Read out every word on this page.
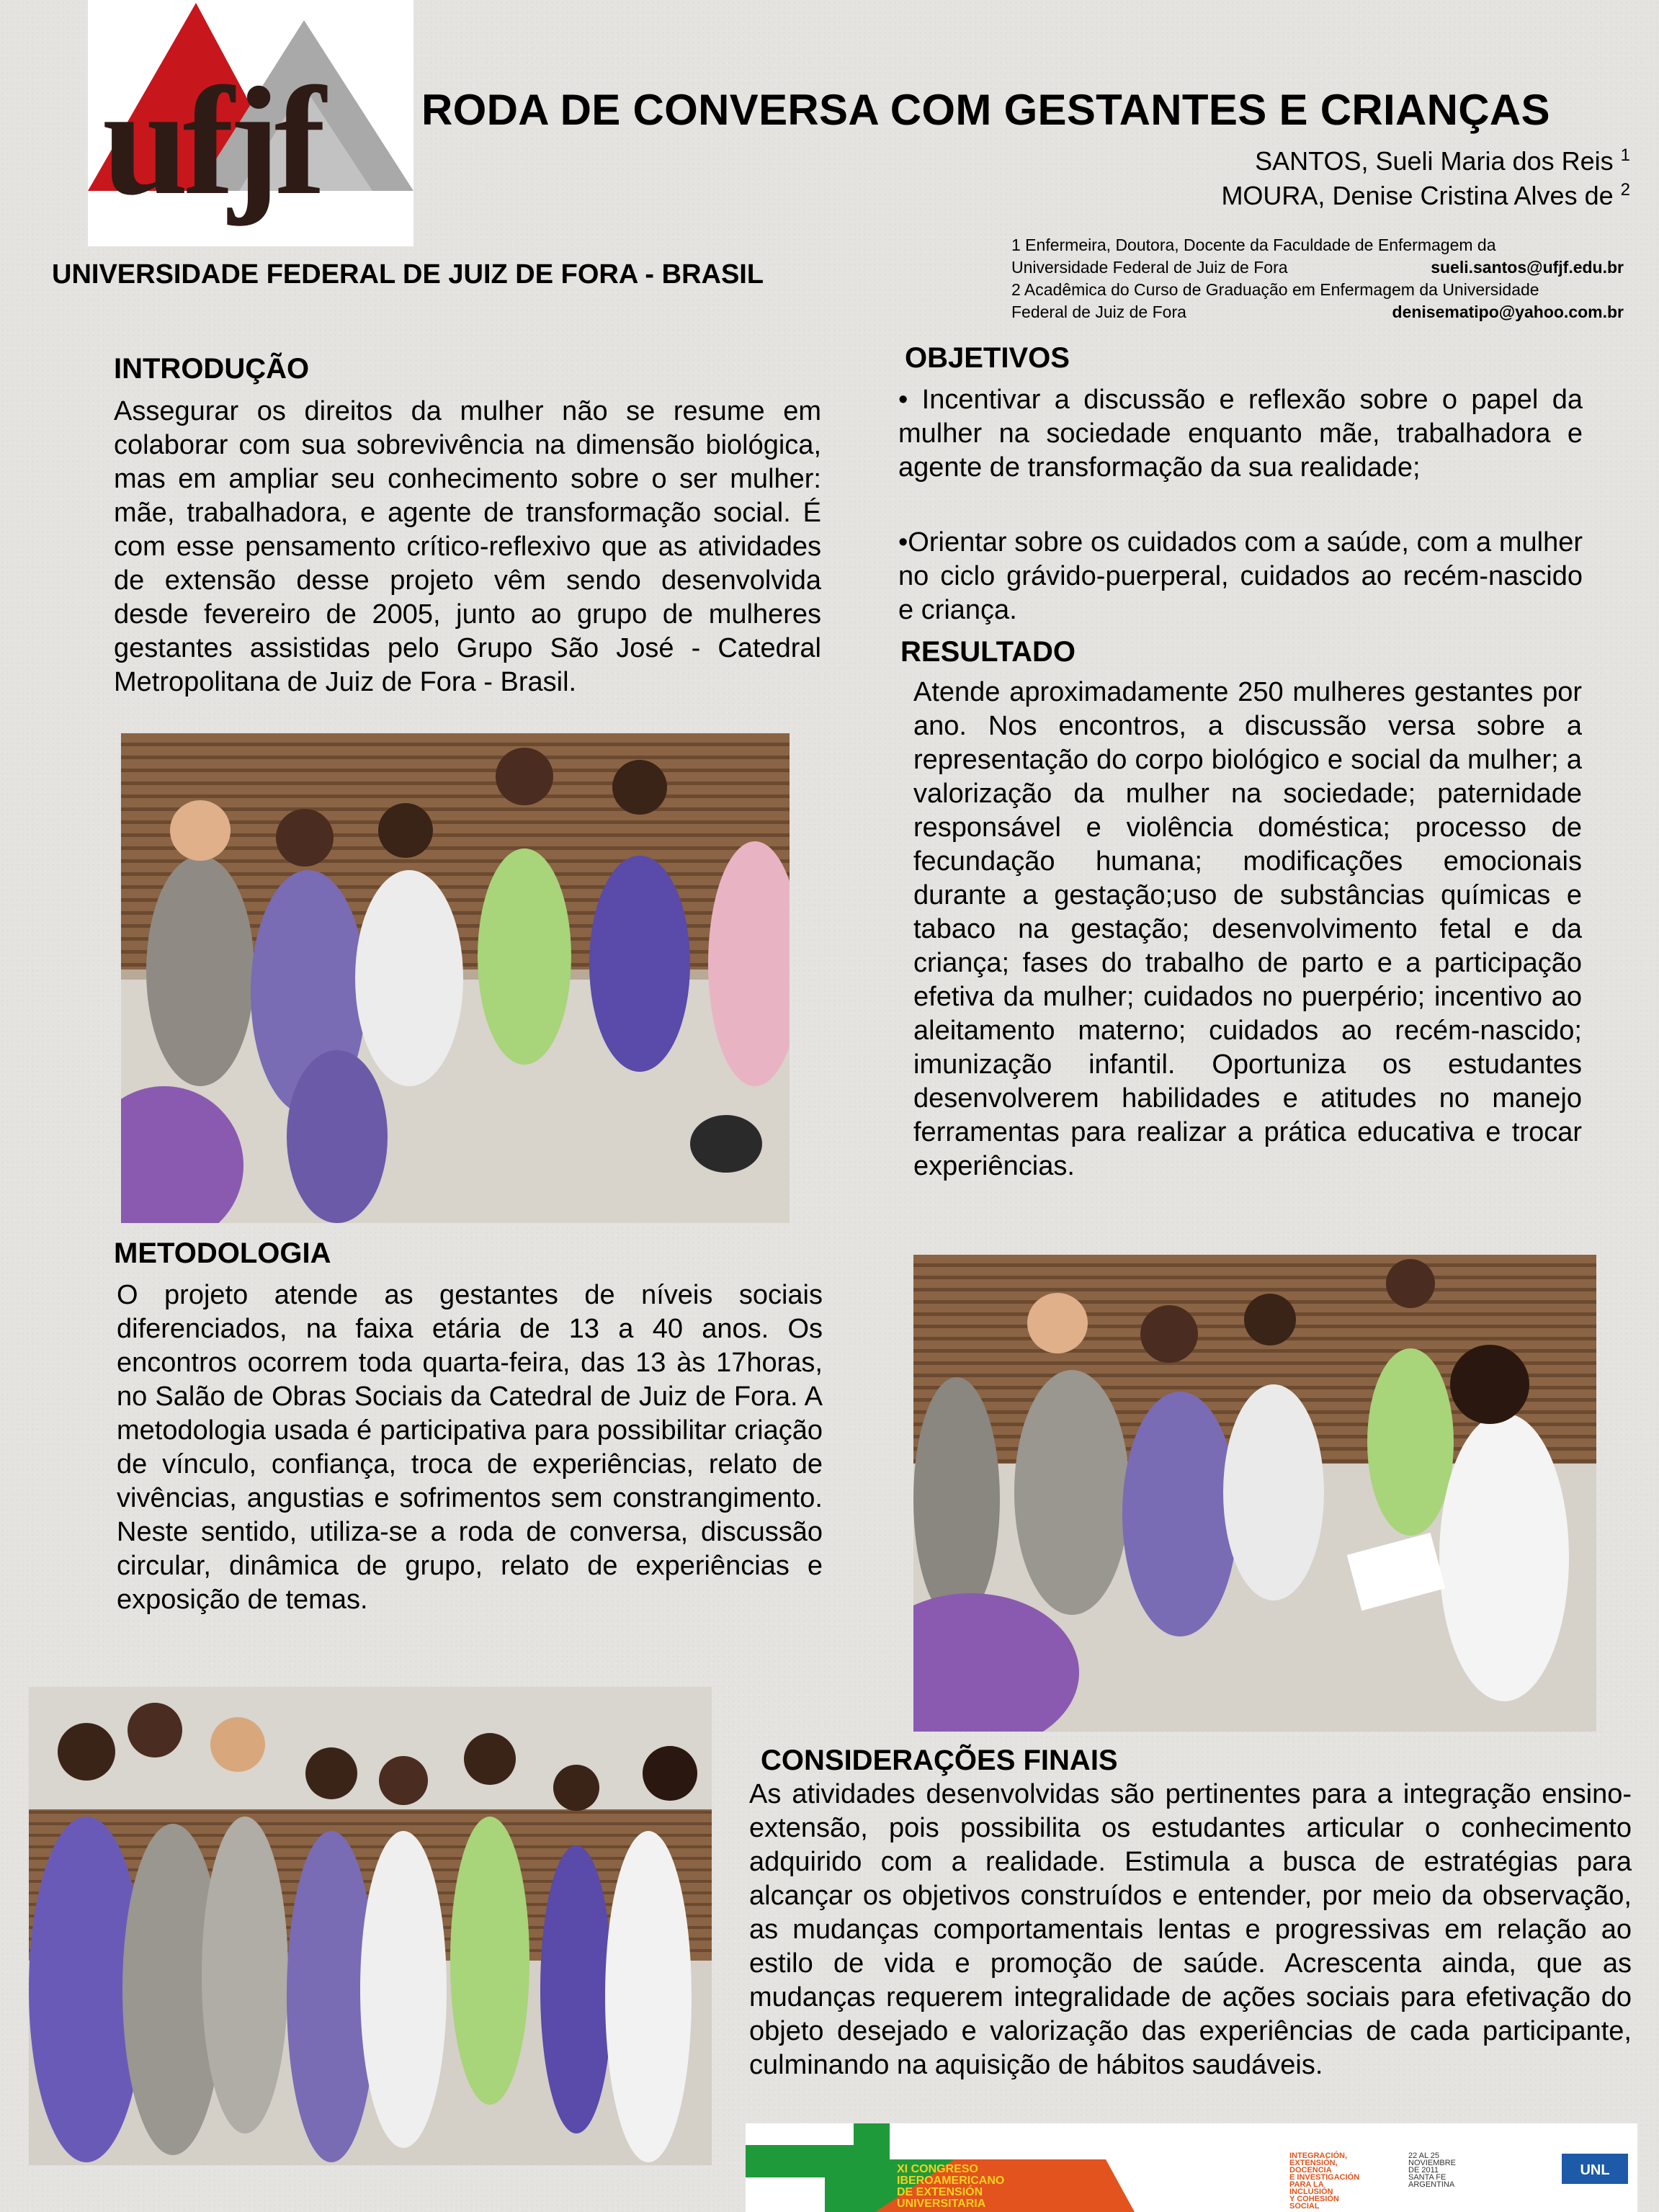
ufjf RODA DE CONVERSA COM GESTANTES E CRIANÇAS
SANTOS, Sueli Maria dos Reis $^1$
MOURA, Denise Cristina Alves de $^2$
UNIVERSIDADE FEDERAL DE JUIZ DE FORA - BRASIL
1 Enfermeira, Doutora, Docente da Faculdade de Enfermagem da
Universidade Federal de Juiz de Fora	sueli.santos@ufjf.edu.br
2 Acadêmica do Curso de Graduação em Enfermagem da Universidade
Federal de Juiz de Fora	denisematipo@yahoo.com.br
INTRODUÇÃO

Assegurar os direitos da mulher não se resume em colaborar com sua sobrevivência na dimensão biológica, mas em ampliar seu conhecimento sobre o ser mulher: mãe, trabalhadora, e agente de transformação social. É com esse pensamento crítico-reflexivo que as atividades de extensão desse projeto vêm sendo desenvolvida desde fevereiro de 2005, junto ao grupo de mulheres gestantes assistidas pelo Grupo São José - Catedral Metropolitana de Juiz de Fora - Brasil.

METODOLOGIA

O projeto atende as gestantes de níveis sociais diferenciados, na faixa etária de 13 a 40 anos. Os encontros ocorrem toda quarta-feira, das 13 às 17horas, no Salão de Obras Sociais da Catedral de Juiz de Fora. A metodologia usada é participativa para possibilitar criação de vínculo, confiança, troca de experiências, relato de vivências, angustias e sofrimentos sem constrangimento. Neste sentido, utiliza-se a roda de conversa, discussão circular, dinâmica de grupo, relato de experiências e exposição de temas.

OBJETIVOS

• Incentivar a discussão e reflexão sobre o papel da mulher na sociedade enquanto mãe, trabalhadora e agente de transformação da sua realidade;

•Orientar sobre os cuidados com a saúde, com a mulher no ciclo grávido-puerperal, cuidados ao recém-nascido e criança.

RESULTADO

Atende aproximadamente 250 mulheres gestantes por ano. Nos encontros, a discussão versa sobre a representação do corpo biológico e social da mulher; a valorização da mulher na sociedade; paternidade responsável e violência doméstica; processo de fecundação humana; modificações emocionais durante a gestação;uso de substâncias químicas e tabaco na gestação; desenvolvimento fetal e da criança; fases do trabalho de parto e a participação efetiva da mulher; cuidados no puerpério; incentivo ao aleitamento materno; cuidados ao recém-nascido; imunização infantil. Oportuniza os estudantes desenvolverem habilidades e atitudes no manejo ferramentas para realizar a prática educativa e trocar experiências.

CONSIDERAÇÕES FINAIS

As atividades desenvolvidas são pertinentes para a integração ensino-extensão, pois possibilita os estudantes articular o conhecimento adquirido com a realidade. Estimula a busca de estratégias para alcançar os objetivos construídos e entender, por meio da observação, as mudanças comportamentais lentas e progressivas em relação ao estilo de vida e promoção de saúde. Acrescenta ainda, que as mudanças requerem integralidade de ações sociais para efetivação do objeto desejado e valorização das experiências de cada participante, culminando na aquisição de hábitos saudáveis.

XI CONGRESO IBEROAMERICANO DE EXTENSIÓN UNIVERSITARIA
INTEGRACIÓN, EXTENSIÓN, DOCENCIA E INVESTIGACIÓN PARA LA INCLUSIÓN Y COHESIÓN SOCIAL
22 AL 25 NOVIEMBRE DE 2011 SANTA FE ARGENTINA
UNL
